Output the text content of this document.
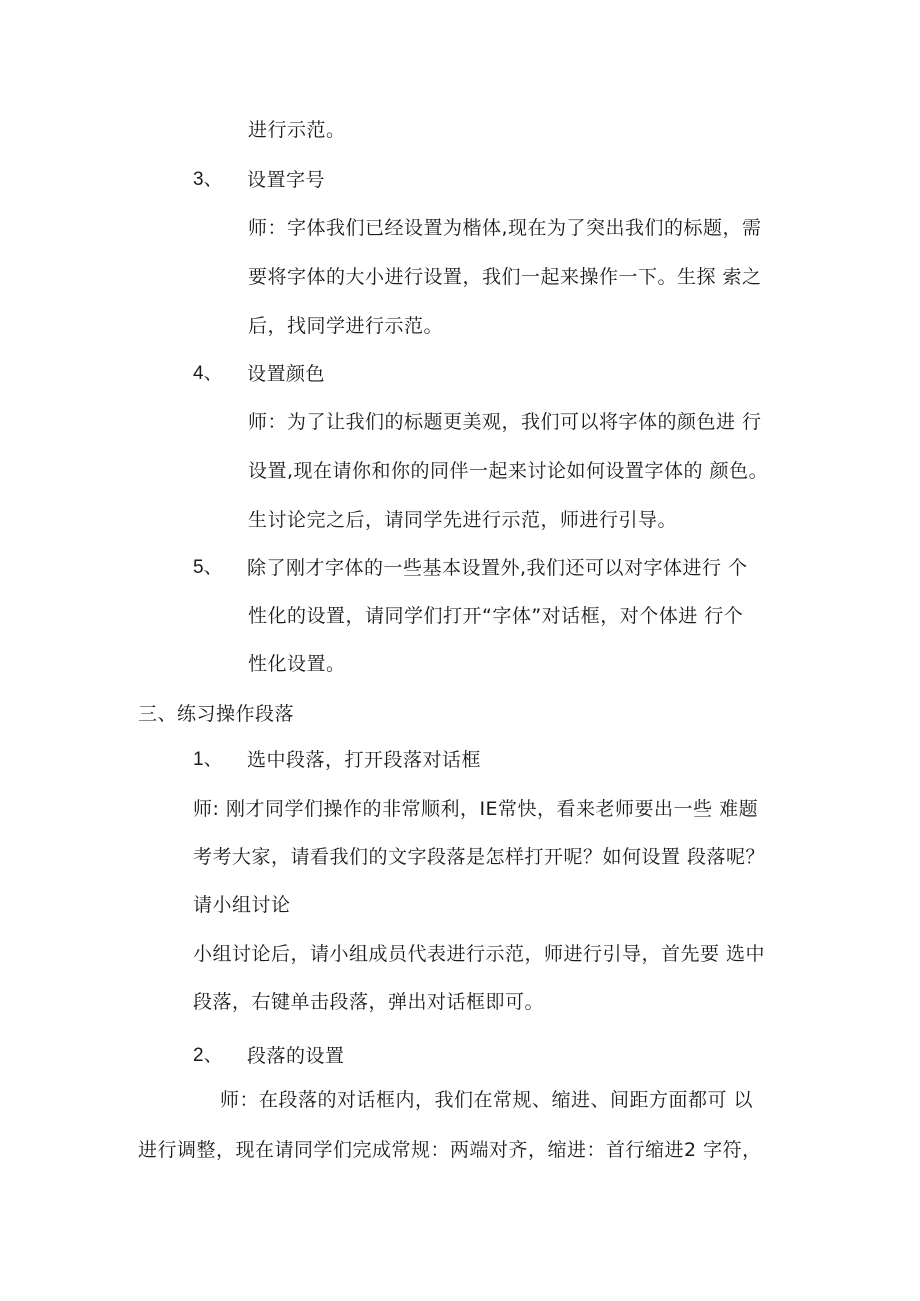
进行示范。
3、 设置字号
师：字体我们已经设置为楷体,现在为了突出我们的标题，需
要将字体的大小进行设置，我们一起来操作一下。生探 索之
后，找同学进行示范。
4、 设置颜色
师：为了让我们的标题更美观，我们可以将字体的颜色进 行
设置,现在请你和你的同伴一起来讨论如何设置字体的 颜色。
生讨论完之后，请同学先进行示范，师进行引导。
5、 除了刚才字体的一些基本设置外,我们还可以对字体进行 个
性化的设置，请同学们打开“字体”对话框，对个体进 行个
性化设置。
三、练习操作段落
1、 选中段落，打开段落对话框
师: 刚才同学们操作的非常顺利，IE常快，看来老师要出一些 难题
考考大家，请看我们的文字段落是怎样打开呢？如何设置 段落呢？
请小组讨论
小组讨论后，请小组成员代表进行示范，师进行引导，首先要 选中
段落，右键单击段落，弹出对话框即可。
2、 段落的设置
师：在段落的对话框内，我们在常规、缩进、间距方面都可 以
进行调整，现在请同学们完成常规：两端对齐，缩进：首行缩进2 字符，
